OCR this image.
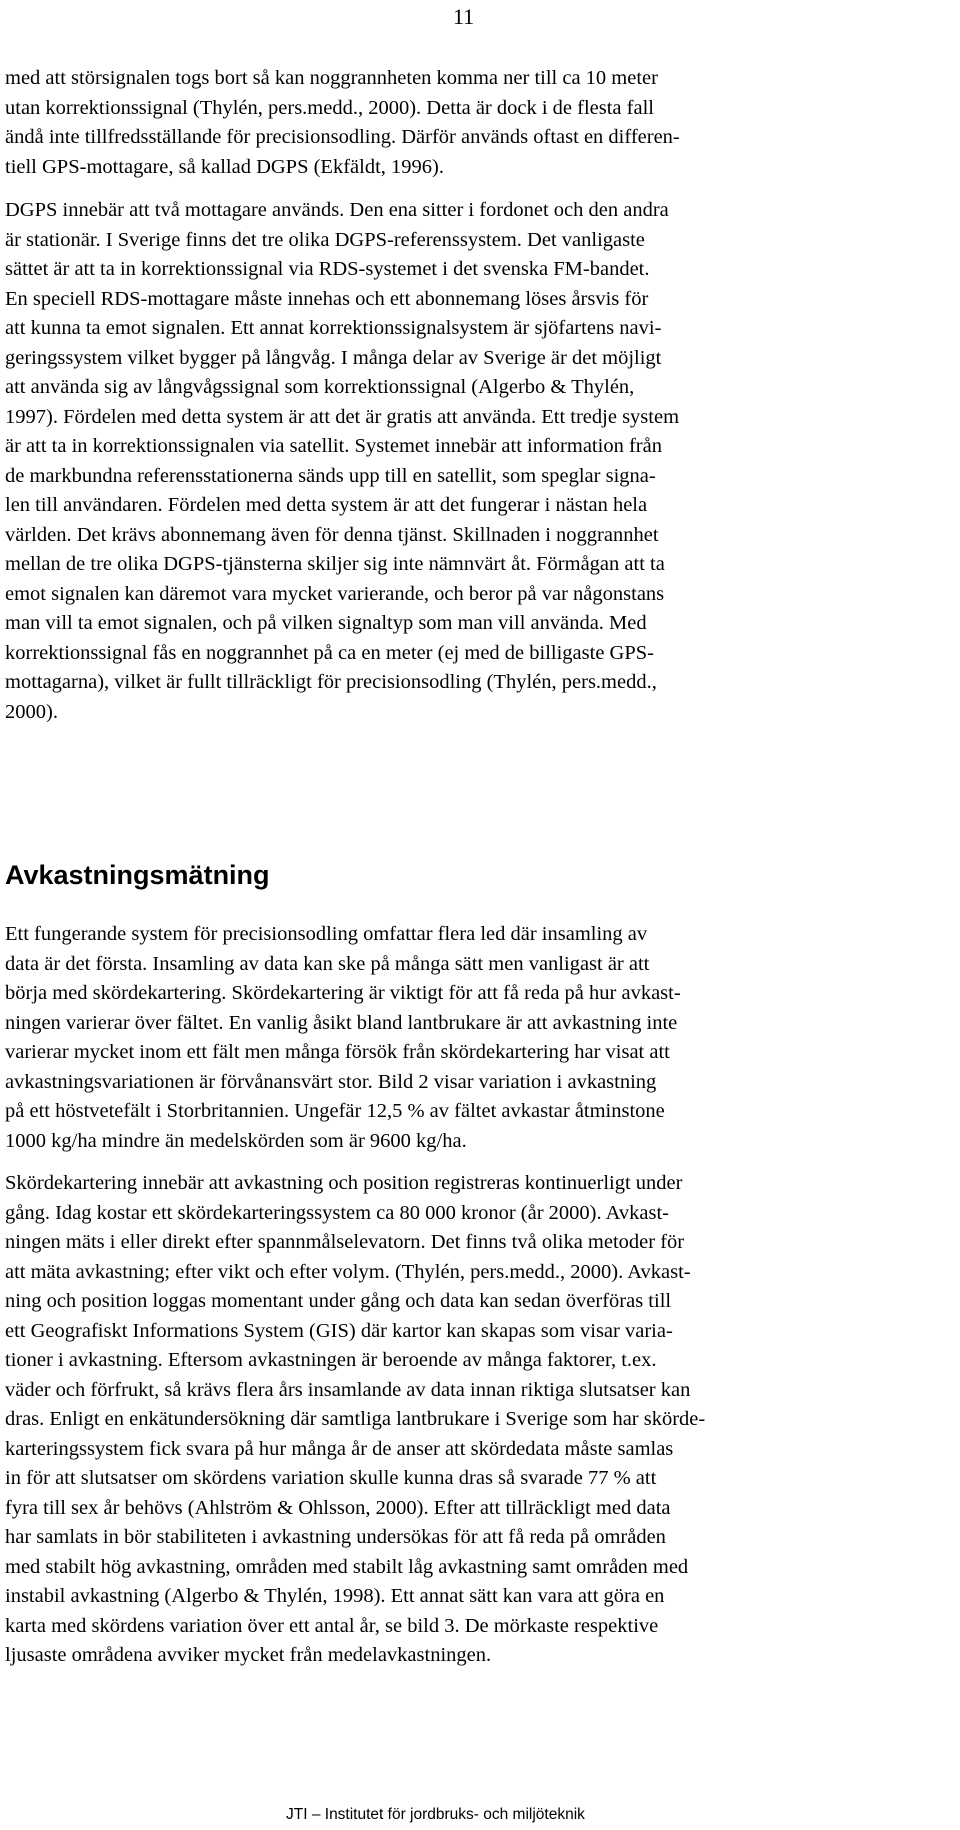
11

med att störsignalen togs bort så kan noggrannheten komma ner till ca 10 meter
utan korrektionssignal (Thylén, pers.medd., 2000). Detta är dock i de flesta fall
ändå inte tillfredsställande för precisionsodling. Därför används oftast en differen-
tiell GPS-mottagare, så kallad DGPS (Ekfäldt, 1996).

DGPS innebär att två mottagare används. Den ena sitter i fordonet och den andra
är stationär. I Sverige finns det tre olika DGPS-referenssystem. Det vanligaste
sättet är att ta in korrektionssignal via RDS-systemet i det svenska FM-bandet.
En speciell RDS-mottagare måste innehas och ett abonnemang löses årsvis för
att kunna ta emot signalen. Ett annat korrektionssignalsystem är sjöfartens navi-
geringssystem vilket bygger på långvåg. I många delar av Sverige är det möjligt
att använda sig av långvågssignal som korrektionssignal (Algerbo & Thylén,
1997). Fördelen med detta system är att det är gratis att använda. Ett tredje system
är att ta in korrektionssignalen via satellit. Systemet innebär att information från
de markbundna referensstationerna sänds upp till en satellit, som speglar signa-
len till användaren. Fördelen med detta system är att det fungerar i nästan hela
världen. Det krävs abonnemang även för denna tjänst. Skillnaden i noggrannhet
mellan de tre olika DGPS-tjänsterna skiljer sig inte nämnvärt åt. Förmågan att ta
emot signalen kan däremot vara mycket varierande, och beror på var någonstans
man vill ta emot signalen, och på vilken signaltyp som man vill använda. Med
korrektionssignal fås en noggrannhet på ca en meter (ej med de billigaste GPS-
mottagarna), vilket är fullt tillräckligt för precisionsodling (Thylén, pers.medd.,
2000).

Avkastningsmätning

Ett fungerande system för precisionsodling omfattar flera led där insamling av
data är det första. Insamling av data kan ske på många sätt men vanligast är att
börja med skördekartering. Skördekartering är viktigt för att få reda på hur avkast-
ningen varierar över fältet. En vanlig åsikt bland lantbrukare är att avkastning inte
varierar mycket inom ett fält men många försök från skördekartering har visat att
avkastningsvariationen är förvånansvärt stor. Bild 2 visar variation i avkastning
på ett höstvetefält i Storbritannien. Ungefär 12,5 % av fältet avkastar åtminstone
1000 kg/ha mindre än medelskörden som är 9600 kg/ha.

Skördekartering innebär att avkastning och position registreras kontinuerligt under
gång. Idag kostar ett skördekarteringssystem ca 80 000 kronor (år 2000). Avkast-
ningen mäts i eller direkt efter spannmålselevatorn. Det finns två olika metoder för
att mäta avkastning; efter vikt och efter volym. (Thylén, pers.medd., 2000). Avkast-
ning och position loggas momentant under gång och data kan sedan överföras till
ett Geografiskt Informations System (GIS) där kartor kan skapas som visar varia-
tioner i avkastning. Eftersom avkastningen är beroende av många faktorer, t.ex.
väder och förfrukt, så krävs flera års insamlande av data innan riktiga slutsatser kan
dras. Enligt en enkätundersökning där samtliga lantbrukare i Sverige som har skörde-
karteringssystem fick svara på hur många år de anser att skördedata måste samlas
in för att slutsatser om skördens variation skulle kunna dras så svarade 77 % att
fyra till sex år behövs (Ahlström & Ohlsson, 2000). Efter att tillräckligt med data
har samlats in bör stabiliteten i avkastning undersökas för att få reda på områden
med stabilt hög avkastning, områden med stabilt låg avkastning samt områden med
instabil avkastning (Algerbo & Thylén, 1998). Ett annat sätt kan vara att göra en
karta med skördens variation över ett antal år, se bild 3. De mörkaste respektive
ljusaste områdena avviker mycket från medelavkastningen.

JTI – Institutet för jordbruks- och miljöteknik
